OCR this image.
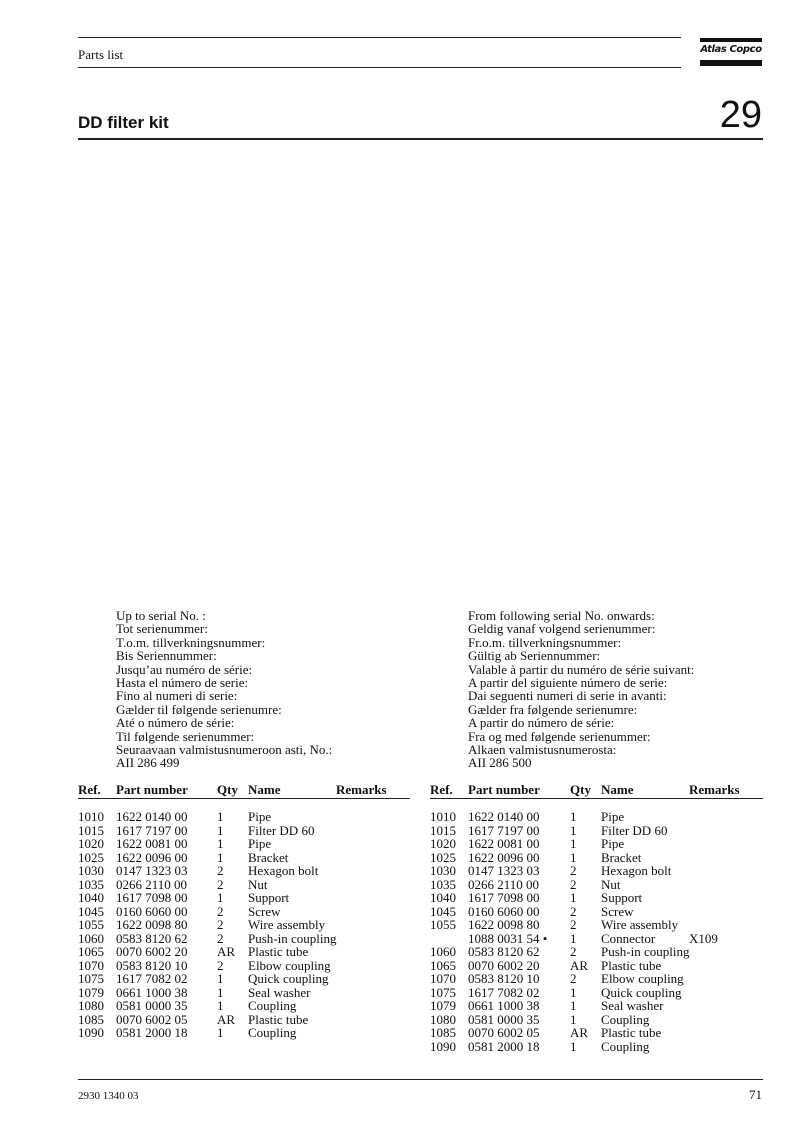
Parts list	Atlas Copco
DD filter kit	29
Up to serial No. :
Tot serienummer:
T.o.m. tillverkningsnummer:
Bis Seriennummer:
Jusqu’au numéro de série:
Hasta el número de serie:
Fino al numeri di serie:
Gælder til følgende serienumre:
Até o número de série:
Til følgende serienummer:
Seuraavaan valmistusnumeroon asti, No.:
AII 286 499
From following serial No. onwards:
Geldig vanaf volgend serienummer:
Fr.o.m. tillverkningsnummer:
Gültig ab Seriennummer:
Valable à partir du numéro de série suivant:
A partir del siguiente número de serie:
Dai seguenti numeri di serie in avanti:
Gælder fra følgende serienumre:
A partir do número de série:
Fra og med følgende serienummer:
Alkaen valmistusnumerosta:
AII 286 500
Ref. Part number Qty Name	Remarks	Ref. Part number Qty Name	Remarks
1010 1622 0140 00 1 Pipe
1015 1617 7197 00 1 Filter DD 60
1020 1622 0081 00 1 Pipe
1025 1622 0096 00 1 Bracket
1030 0147 1323 03 2 Hexagon bolt
1035 0266 2110 00 2 Nut
1040 1617 7098 00 1 Support
1045 0160 6060 00 2 Screw
1055 1622 0098 80 2 Wire assembly
1060 0583 8120 62 2 Push-in coupling
1065 0070 6002 20 AR Plastic tube
1070 0583 8120 10 2 Elbow coupling
1075 1617 7082 02 1 Quick coupling
1079 0661 1000 38 1 Seal washer
1080 0581 0000 35 1 Coupling
1085 0070 6002 05 AR Plastic tube
1090 0581 2000 18 1 Coupling
1010 1622 0140 00 1 Pipe
1015 1617 7197 00 1 Filter DD 60
1020 1622 0081 00 1 Pipe
1025 1622 0096 00 1 Bracket
1030 0147 1323 03 2 Hexagon bolt
1035 0266 2110 00 2 Nut
1040 1617 7098 00 1 Support
1045 0160 6060 00 2 Screw
1055 1622 0098 80 2 Wire assembly
1088 0031 54 • 1 Connector	X109
1060 0583 8120 62 2 Push-in coupling
1065 0070 6002 20 AR Plastic tube
1070 0583 8120 10 2 Elbow coupling
1075 1617 7082 02 1 Quick coupling
1079 0661 1000 38 1 Seal washer
1080 0581 0000 35 1 Coupling
1085 0070 6002 05 AR Plastic tube
1090 0581 2000 18 1 Coupling
2930 1340 03	71
